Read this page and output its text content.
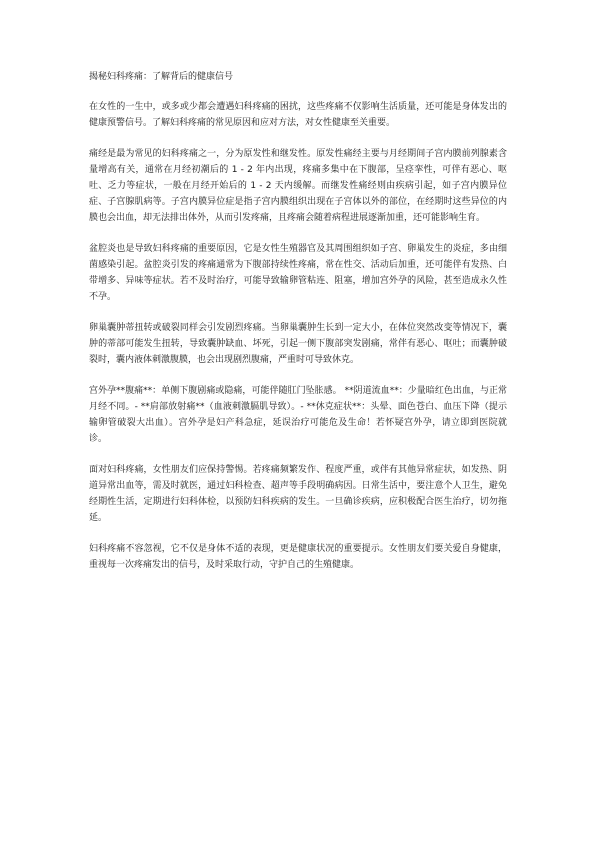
揭秘妇科疼痛：了解背后的健康信号

在女性的一生中，或多或少都会遭遇妇科疼痛的困扰，这些疼痛不仅影响生活质量，还可能是身体发出的健康预警信号。了解妇科疼痛的常见原因和应对方法，对女性健康至关重要。

痛经是最为常见的妇科疼痛之一，分为原发性和继发性。原发性痛经主要与月经期间子宫内膜前列腺素含量增高有关，通常在月经初潮后的 1 - 2 年内出现，疼痛多集中在下腹部，呈痉挛性，可伴有恶心、呕吐、乏力等症状，一般在月经开始后的 1 - 2 天内缓解。而继发性痛经则由疾病引起，如子宫内膜异位症、子宫腺肌病等。子宫内膜异位症是指子宫内膜组织出现在子宫体以外的部位，在经期时这些异位的内膜也会出血，却无法排出体外，从而引发疼痛，且疼痛会随着病程进展逐渐加重，还可能影响生育。

盆腔炎也是导致妇科疼痛的重要原因，它是女性生殖器官及其周围组织如子宫、卵巢发生的炎症，多由细菌感染引起。盆腔炎引发的疼痛通常为下腹部持续性疼痛，常在性交、活动后加重，还可能伴有发热、白带增多、异味等症状。若不及时治疗，可能导致输卵管粘连、阻塞，增加宫外孕的风险，甚至造成永久性不孕。

卵巢囊肿蒂扭转或破裂同样会引发剧烈疼痛。当卵巢囊肿生长到一定大小，在体位突然改变等情况下，囊肿的蒂部可能发生扭转，导致囊肿缺血、坏死，引起一侧下腹部突发剧痛，常伴有恶心、呕吐；而囊肿破裂时，囊内液体刺激腹膜，也会出现剧烈腹痛，严重时可导致休克。

宫外孕**腹痛**：单侧下腹剧痛或隐痛，可能伴随肛门坠胀感。 **阴道流血**：少量暗红色出血，与正常月经不同。- **肩部放射痛**（血液刺激膈肌导致）。- **休克症状**：头晕、面色苍白、血压下降（提示输卵管破裂大出血）。宫外孕是妇产科急症，延误治疗可能危及生命！若怀疑宫外孕，请立即到医院就诊。

面对妇科疼痛，女性朋友们应保持警惕。若疼痛频繁发作、程度严重，或伴有其他异常症状，如发热、阴道异常出血等，需及时就医，通过妇科检查、超声等手段明确病因。日常生活中，要注意个人卫生，避免经期性生活，定期进行妇科体检，以预防妇科疾病的发生。一旦确诊疾病，应积极配合医生治疗，切勿拖延。

妇科疼痛不容忽视，它不仅是身体不适的表现，更是健康状况的重要提示。女性朋友们要关爱自身健康，重视每一次疼痛发出的信号，及时采取行动，守护自己的生殖健康。
